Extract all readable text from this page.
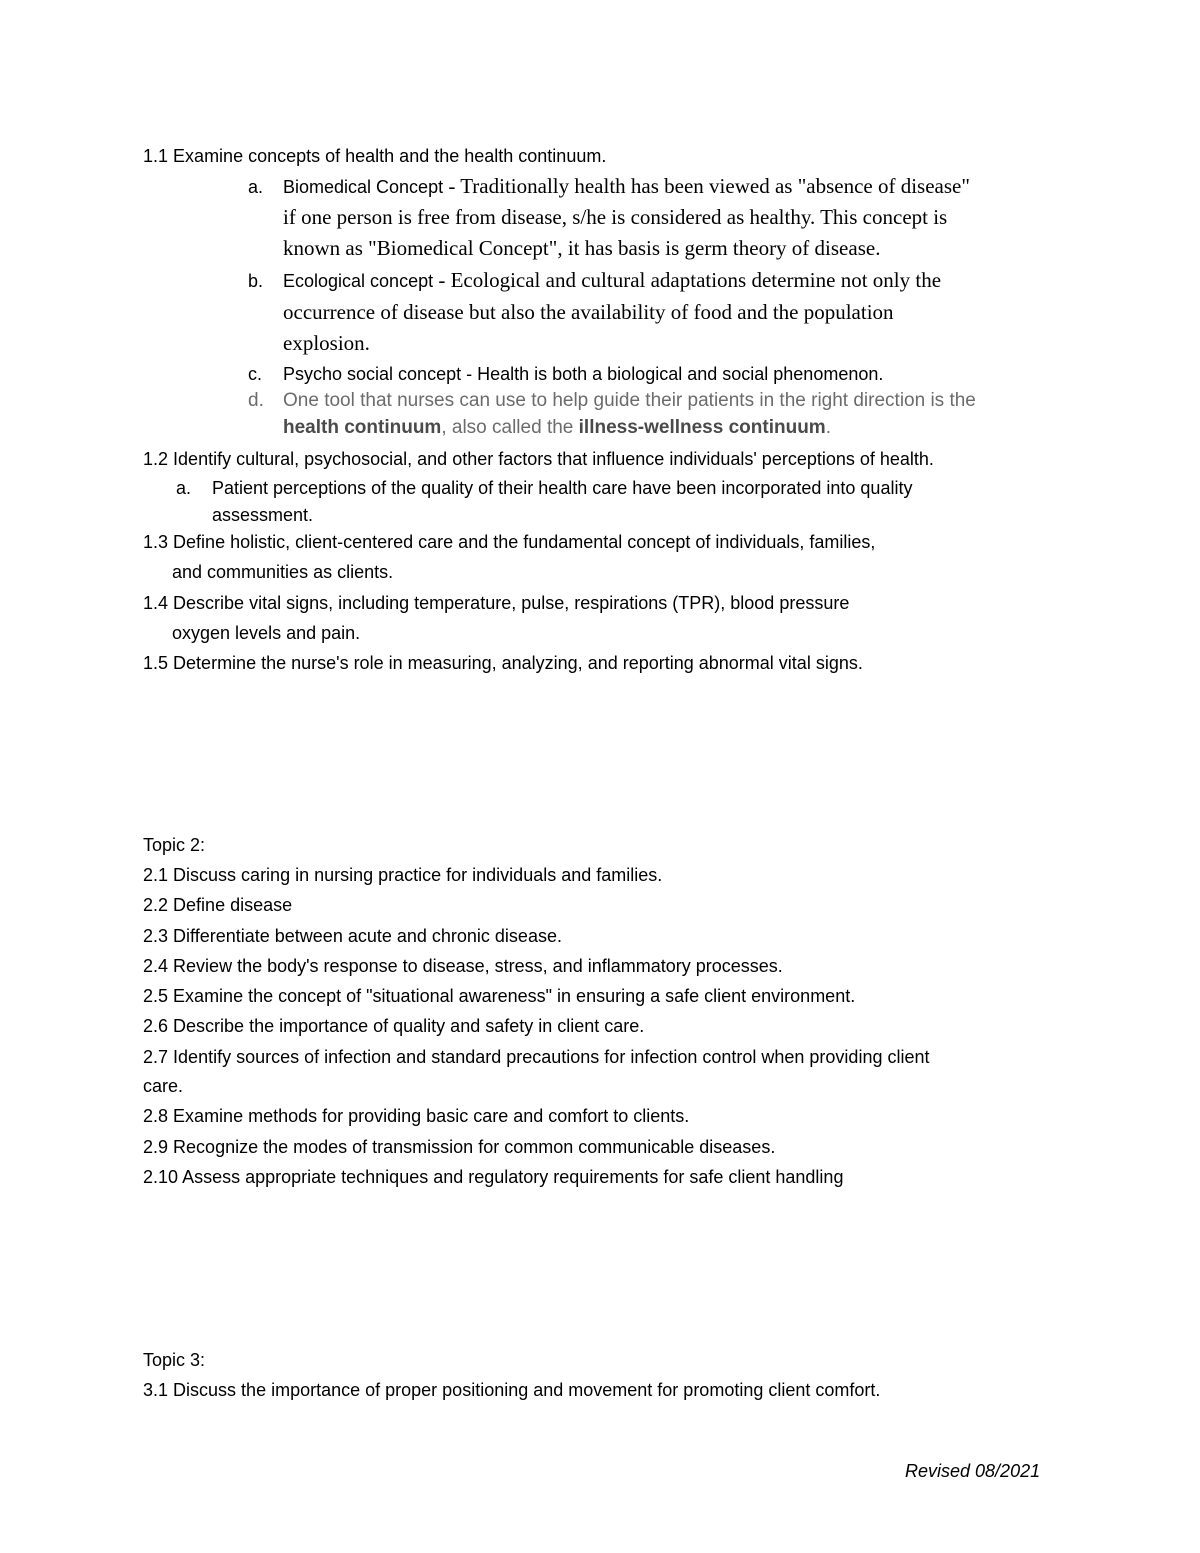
1.1 Examine concepts of health and the health continuum.
a. Biomedical Concept - Traditionally health has been viewed as "absence of disease"
if one person is free from disease, s/he is considered as healthy. This concept is
known as "Biomedical Concept", it has basis is germ theory of disease.
b. Ecological concept - Ecological and cultural adaptations determine not only the
occurrence of disease but also the availability of food and the population
explosion.
c. Psycho social concept - Health is both a biological and social phenomenon.
d. One tool that nurses can use to help guide their patients in the right direction is the
health continuum, also called the illness-wellness continuum.
1.2 Identify cultural, psychosocial, and other factors that influence individuals' perceptions of health.
a. Patient perceptions of the quality of their health care have been incorporated into quality
assessment.
1.3 Define holistic, client-centered care and the fundamental concept of individuals, families,
and communities as clients.
1.4 Describe vital signs, including temperature, pulse, respirations (TPR), blood pressure
oxygen levels and pain.
1.5 Determine the nurse's role in measuring, analyzing, and reporting abnormal vital signs.
Topic 2:
2.1 Discuss caring in nursing practice for individuals and families.
2.2 Define disease
2.3 Differentiate between acute and chronic disease.
2.4 Review the body's response to disease, stress, and inflammatory processes.
2.5 Examine the concept of "situational awareness" in ensuring a safe client environment.
2.6 Describe the importance of quality and safety in client care.
2.7 Identify sources of infection and standard precautions for infection control when providing client
care.
2.8 Examine methods for providing basic care and comfort to clients.
2.9 Recognize the modes of transmission for common communicable diseases.
2.10 Assess appropriate techniques and regulatory requirements for safe client handling
Topic 3:
3.1 Discuss the importance of proper positioning and movement for promoting client comfort.
Revised 08/2021
